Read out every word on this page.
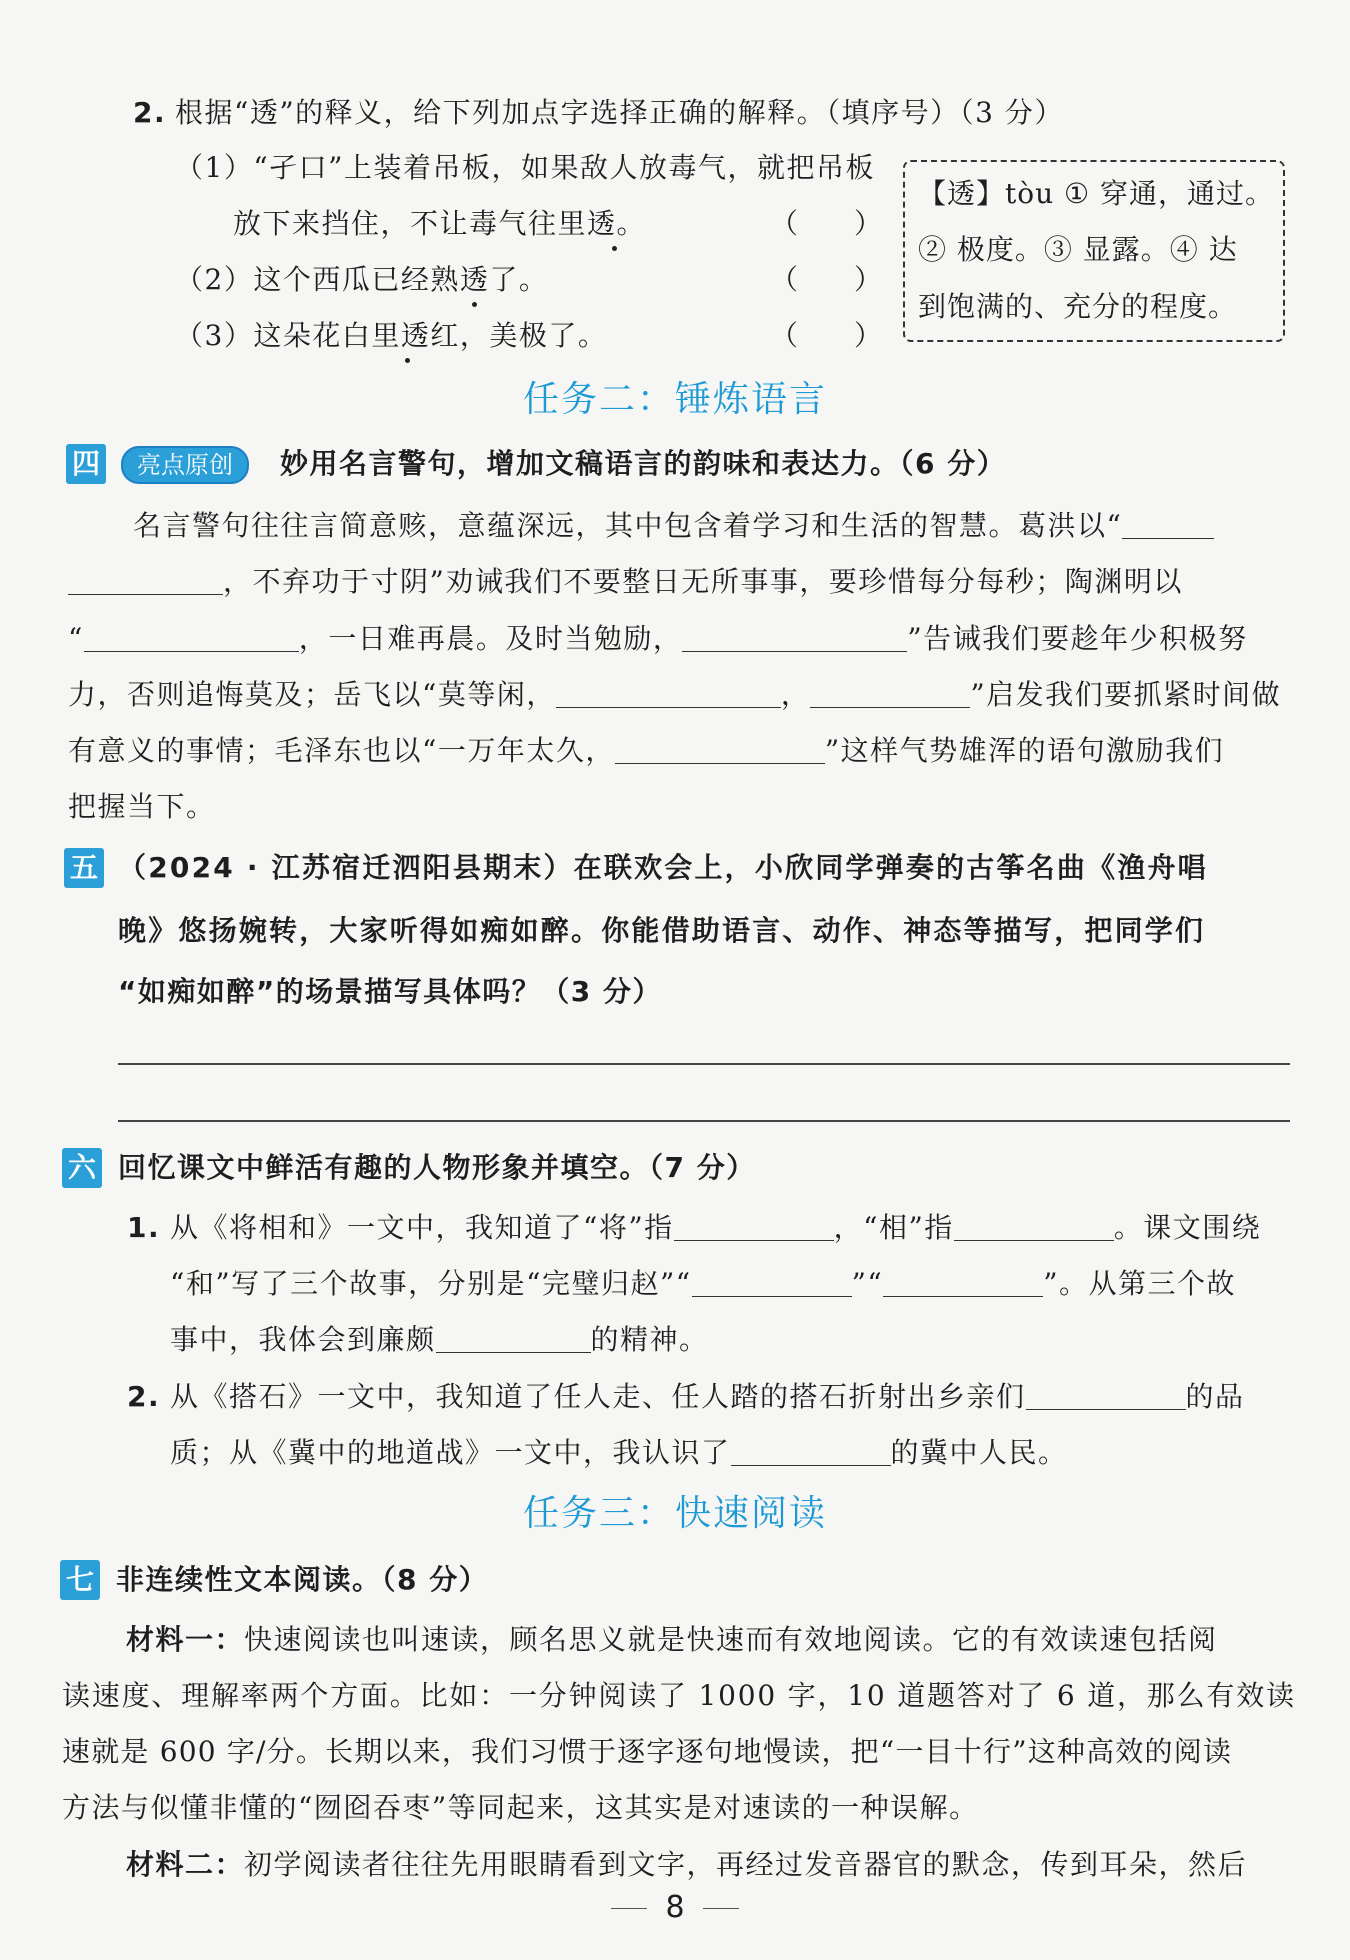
2. 根据“透”的释义，给下列加点字选择正确的解释。（填序号）（3 分）
（1）“孑口”上装着吊板，如果敌人放毒气，就把吊板
放下来挡住，不让毒气往里透。	（　　）
（2）这个西瓜已经熟透了。	（　　）
（3）这朵花白里透红，美极了。	（　　）
【透】tòu ① 穿通，通过。
② 极度。③ 显露。④ 达
到饱满的、充分的程度。
任务二：锤炼语言
四	亮点原创	妙用名言警句，增加文稿语言的韵味和表达力。（6 分）
名言警句往往言简意赅，意蕴深远，其中包含着学习和生活的智慧。葛洪以“
，不弃功于寸阴”劝诫我们不要整日无所事事，要珍惜每分每秒；陶渊明以
“	，一日难再晨。及时当勉励，	”告诫我们要趁年少积极努
力，否则追悔莫及；岳飞以“莫等闲，	，	”启发我们要抓紧时间做
有意义的事情；毛泽东也以“一万年太久，	”这样气势雄浑的语句激励我们
把握当下。
五 （2024 · 江苏宿迁泗阳县期末）在联欢会上，小欣同学弹奏的古筝名曲《渔舟唱
晚》悠扬婉转，大家听得如痴如醉。你能借助语言、动作、神态等描写，把同学们
“如痴如醉”的场景描写具体吗？（3 分）
六 回忆课文中鲜活有趣的人物形象并填空。（7 分）
1. 从《将相和》一文中，我知道了“将”指	，“相”指	。课文围绕
“和”写了三个故事，分别是“完璧归赵”“	”“	”。从第三个故
事中，我体会到廉颇	的精神。
2. 从《搭石》一文中，我知道了任人走、任人踏的搭石折射出乡亲们	的品
质；从《冀中的地道战》一文中，我认识了	的冀中人民。
任务三：快速阅读
七 非连续性文本阅读。（8 分）
材料一：快速阅读也叫速读，顾名思义就是快速而有效地阅读。它的有效读速包括阅
读速度、理解率两个方面。比如：一分钟阅读了 1000 字，10 道题答对了 6 道，那么有效读
速就是 600 字/分。长期以来，我们习惯于逐字逐句地慢读，把“一目十行”这种高效的阅读
方法与似懂非懂的“囫囵吞枣”等同起来，这其实是对速读的一种误解。
材料二：初学阅读者往往先用眼睛看到文字，再经过发音器官的默念，传到耳朵，然后
8
